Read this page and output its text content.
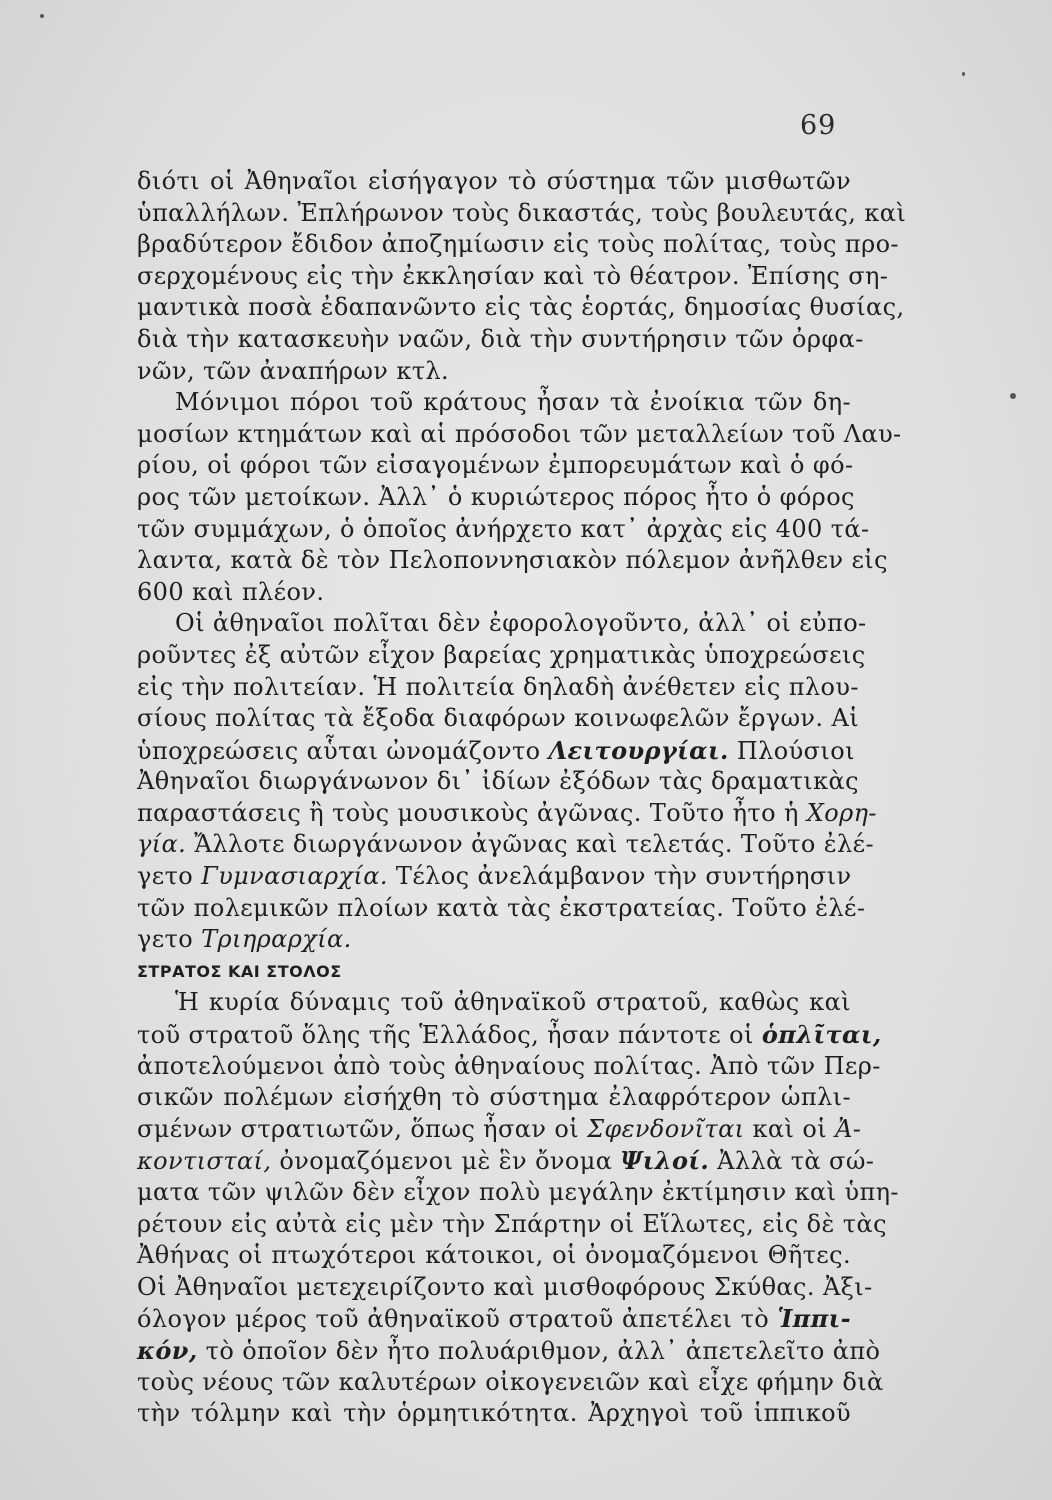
69
διότι οἱ Ἀθηναῖοι εἰσήγαγον τὸ σύστημα τῶν μισθωτῶν
ὑπαλλήλων. Ἐπλήρωνον τοὺς δικαστάς, τοὺς βουλευτάς, καὶ
βραδύτερον ἔδιδον ἀποζημίωσιν εἰς τοὺς πολίτας, τοὺς προ-
σερχομένους εἰς τὴν ἐκκλησίαν καὶ τὸ θέατρον. Ἐπίσης ση-
μαντικὰ ποσὰ ἐδαπανῶντο εἰς τὰς ἑορτάς, δημοσίας θυσίας,
διὰ τὴν κατασκευὴν ναῶν, διὰ τὴν συντήρησιν τῶν ὀρφα-
νῶν, τῶν ἀναπήρων κτλ.
Μόνιμοι πόροι τοῦ κράτους ἦσαν τὰ ἐνοίκια τῶν δη-
μοσίων κτημάτων καὶ αἱ πρόσοδοι τῶν μεταλλείων τοῦ Λαυ-
ρίου, οἱ φόροι τῶν εἰσαγομένων ἐμπορευμάτων καὶ ὁ φό-
ρος τῶν μετοίκων. Ἀλλ᾽ ὁ κυριώτερος πόρος ἦτο ὁ φόρος
τῶν συμμάχων, ὁ ὁποῖος ἀνήρχετο κατ᾽ ἀρχὰς εἰς 400 τά-
λαντα, κατὰ δὲ τὸν Πελοποννησιακὸν πόλεμον ἀνῆλθεν εἰς
600 καὶ πλέον.
Οἱ ἀθηναῖοι πολῖται δὲν ἐφορολογοῦντο, ἀλλ᾽ οἱ εὐπο-
ροῦντες ἐξ αὐτῶν εἶχον βαρείας χρηματικὰς ὑποχρεώσεις
εἰς τὴν πολιτείαν. Ἡ πολιτεία δηλαδὴ ἀνέθετεν εἰς πλου-
σίους πολίτας τὰ ἔξοδα διαφόρων κοινωφελῶν ἔργων. Αἱ
ὑποχρεώσεις αὗται ὠνομάζοντο Λειτουργίαι. Πλούσιοι
Ἀθηναῖοι διωργάνωνον δι᾽ ἰδίων ἐξόδων τὰς δραματικὰς
παραστάσεις ἢ τοὺς μουσικοὺς ἀγῶνας. Τοῦτο ἦτο ἡ Χορη-
γία. Ἄλλοτε διωργάνωνον ἀγῶνας καὶ τελετάς. Τοῦτο ἐλέ-
γετο Γυμνασιαρχία. Τέλος ἀνελάμβανον τὴν συντήρησιν
τῶν πολεμικῶν πλοίων κατὰ τὰς ἐκστρατείας. Τοῦτο ἐλέ-
γετο Τριηραρχία.
ΣΤΡΑΤΟΣ ΚΑΙ ΣΤΟΛΟΣ
Ἡ κυρία δύναμις τοῦ ἀθηναϊκοῦ στρατοῦ, καθὼς καὶ
τοῦ στρατοῦ ὅλης τῆς Ἑλλάδος, ἦσαν πάντοτε οἱ ὁπλῖται,
ἀποτελούμενοι ἀπὸ τοὺς ἀθηναίους πολίτας. Ἀπὸ τῶν Περ-
σικῶν πολέμων εἰσήχθη τὸ σύστημα ἐλαφρότερον ὡπλι-
σμένων στρατιωτῶν, ὅπως ἦσαν οἱ Σφενδονῖται καὶ οἱ Ἀ-
κοντισταί, ὀνομαζόμενοι μὲ ἓν ὄνομα Ψιλοί. Ἀλλὰ τὰ σώ-
ματα τῶν ψιλῶν δὲν εἶχον πολὺ μεγάλην ἐκτίμησιν καὶ ὑπη-
ρέτουν εἰς αὐτὰ εἰς μὲν τὴν Σπάρτην οἱ Εἵλωτες, εἰς δὲ τὰς
Ἀθήνας οἱ πτωχότεροι κάτοικοι, οἱ ὀνομαζόμενοι Θῆτες.
Οἱ Ἀθηναῖοι μετεχειρίζοντο καὶ μισθοφόρους Σκύθας. Ἀξι-
όλογον μέρος τοῦ ἀθηναϊκοῦ στρατοῦ ἀπετέλει τὸ Ἱππι-
κόν, τὸ ὁποῖον δὲν ἦτο πολυάριθμον, ἀλλ᾽ ἀπετελεῖτο ἀπὸ
τοὺς νέους τῶν καλυτέρων οἰκογενειῶν καὶ εἶχε φήμην διὰ
τὴν τόλμην καὶ τὴν ὁρμητικότητα. Ἀρχηγοὶ τοῦ ἱππικοῦ
